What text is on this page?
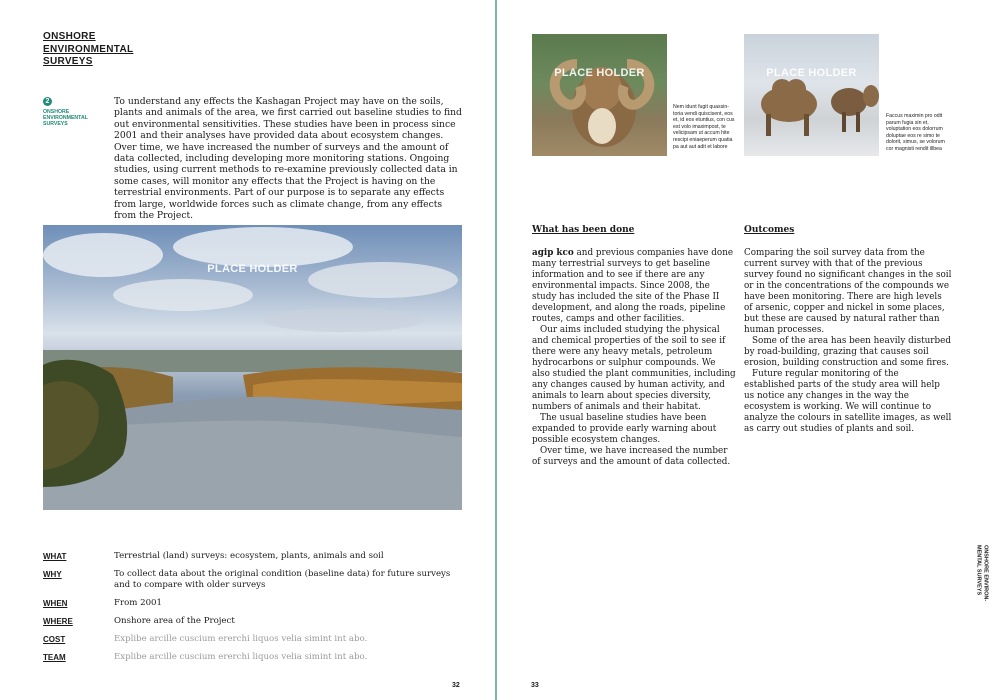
ONSHORE
ENVIRONMENTAL
SURVEYS
2
ONSHORE
ENVIRONMENTAL
SURVEYS

To understand any effects the Kashagan Project may have on the soils, plants and animals of the area, we first carried out baseline studies to find out environmental sensitivities. These studies have been in process since 2001 and their analyses have provided data about ecosystem changes. Over time, we have increased the number of surveys and the amount of data collected, including developing more monitoring stations. Ongoing studies, using current methods to re-examine previously collected data in some cases, will monitor any effects that the Project is having on the terrestrial environments. Part of our purpose is to separate any effects from large, worldwide forces such as climate change, from any effects from the Project.

PLACE HOLDER
WHAT	Terrestrial (land) surveys: ecosystem, plants, animals and soil
WHY	To collect data about the original condition (baseline data) for future surveys and to compare with older surveys
WHEN	From 2001
WHERE	Onshore area of the Project
COST	Explibe arcille cuscium ererchi liquos velia simint int abo.
TEAM	Explibe arcille cuscium ererchi liquos velia simint int abo.
32
PLACE HOLDER
Nem idunt fugit quassin- toria vendi quiscisent, eos et, id eos etuntius, con cus est volo imaximpost, te velicipsam ut accum hite rescipi eniaeperum quatia pa aut aut adit et labore
PLACE HOLDER
Faccus maximin pro odit parum fugia sin et, voluptation eos dolorrum doluptae eos re simo te dolorit, simus, se volorum cor magnisti rendit illbea
What has been done

agip kco and previous companies have done many terrestrial surveys to get baseline information and to see if there are any environmental impacts. Since 2008, the study has included the site of the Phase II development, and along the roads, pipeline routes, camps and other facilities.

Our aims included studying the physical and chemical properties of the soil to see if there were any heavy metals, petroleum hydrocarbons or sulphur compounds. We also studied the plant communities, including any changes caused by human activity, and animals to learn about species diversity, numbers of animals and their habitat.

The usual baseline studies have been expanded to provide early warning about possible ecosystem changes.

Over time, we have increased the number of surveys and the amount of data collected.

Outcomes

Comparing the soil survey data from the current survey with that of the previous survey found no significant changes in the soil or in the concentrations of the compounds we have been monitoring. There are high levels of arsenic, copper and nickel in some places, but these are caused by natural rather than human processes.

Some of the area has been heavily disturbed by road-building, grazing that causes soil erosion, building construction and some fires.

Future regular monitoring of the established parts of the study area will help us notice any changes in the way the ecosystem is working. We will continue to analyze the colours in satellite images, as well as carry out studies of plants and soil.

ONSHORE ENVIRON-
MENTAL SURVEYS
33
